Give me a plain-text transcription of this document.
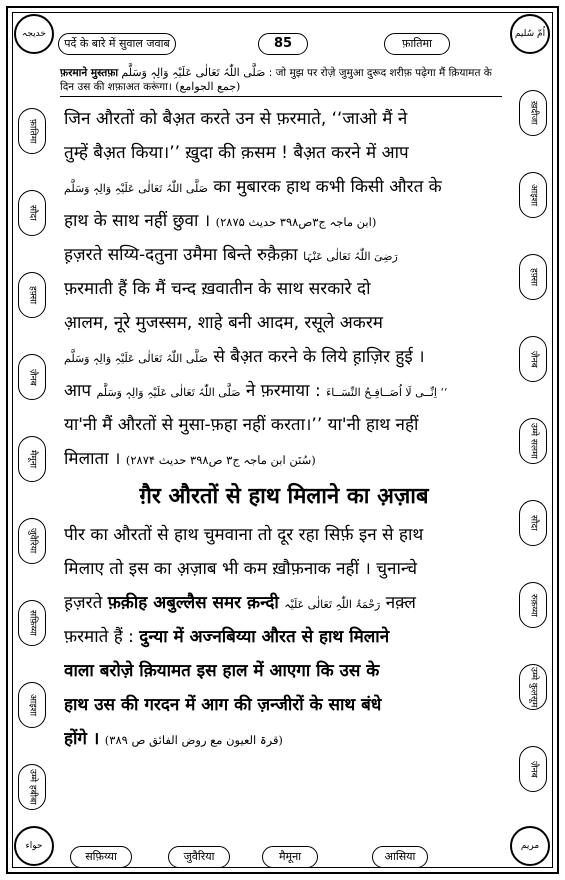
पर्दे के बारे में सुवाल जवाब	85	फ़ातिमा
خدیجہ	اُمّ سُلیم
حواء	مریم
फ़रमाने मुस्तफ़ा صَلَّی اللّٰہُ تَعَالٰی عَلَیْہِ وَالِہٖ وَسَلَّم : जो मुझ पर रोज़े जुमुआ दुरूद शरीफ़ पढ़ेगा मैं क़ियामत के दिन उस की शफ़ाअत करूंगा। (جمع الجوامع)
फ़ातिमा
सौदा
हफ़्सा
ज़ैनब
मैमूना
जुवैरिया
सफ़िय्या
आइशा
उम्मे हबीबा
ख़दीजा
आइशा
हफ़्सा
ज़ैनब
उम्मे सलमा
सौदा
रुक़य्या
उम्मे कुलसूम
ज़ैनब
जिन औरतों को बैअ़त करते उन से फ़रमाते, ‘‘जाओ मैं ने
तुम्हें बैअ़त किया।’’ ख़ुदा की क़सम ! बैअ़त करने में आप
صَلَّی اللّٰہُ تَعَالٰی عَلَیْہِ وَالِہٖ وَسَلَّم का मुबारक हाथ कभी किसी औरत के
हाथ के साथ नहीं छुवा । (ابن ماجہ ج۳ص۳۹۸ حدیث ۲۸۷۵)
ह़ज़रते सय्यि-दतुना उमैमा बिन्ते रुक़ैक़ा رَضِیَ اللّٰہُ تَعَالٰی عَنْہَا
फ़रमाती हैं कि मैं चन्द ख़वातीन के साथ सरकारे दो
आ़लम, नूरे मुजस्सम, शाहे बनी आदम, रसूले अकरम
صَلَّی اللّٰہُ تَعَالٰی عَلَیْہِ وَالِہٖ وَسَلَّم से बैअ़त करने के लिये ह़ाज़िर हुई ।
आप صَلَّی اللّٰہُ تَعَالٰی عَلَیْہِ وَالِہٖ وَسَلَّم ने फ़रमाया : ‘‘ اِنِّــی لَا اُصَــافِـحُ النِّسَــاءَ
या'नी मैं औरतों से मुसा-फ़हा नहीं करता।’’ या'नी हाथ नहीं
मिलाता । (سُنَن ابن ماجہ ج۳ ص۳۹۸ حدیث ۲۸۷۴)
ग़ैर औरतों से हाथ मिलाने का अ़ज़ाब
पीर का औरतों से हाथ चुमवाना तो दूर रहा सिर्फ़ इन से हाथ
मिलाए तो इस का अ़ज़ाब भी कम ख़ौफ़नाक नहीं । चुनान्चे
ह़ज़रते फ़क़ीह अबुल्लैस समर क़न्दी رَحْمَۃُ اللّٰہِ تَعَالٰی عَلَیْہ नक़्ल
फ़रमाते हैं : दुन्या में अज्नबिय्या औरत से हाथ मिलाने
वाला बरोज़े क़ियामत इस हाल में आएगा कि उस के
हाथ उस की गरदन में आग की ज़न्जीरों के साथ बंधे
होंगे । (قرۃ العیون مع روض الفائق ص ۳۸۹)
सफ़िय्या	जुवैरिया	मैमूना	आसिया
